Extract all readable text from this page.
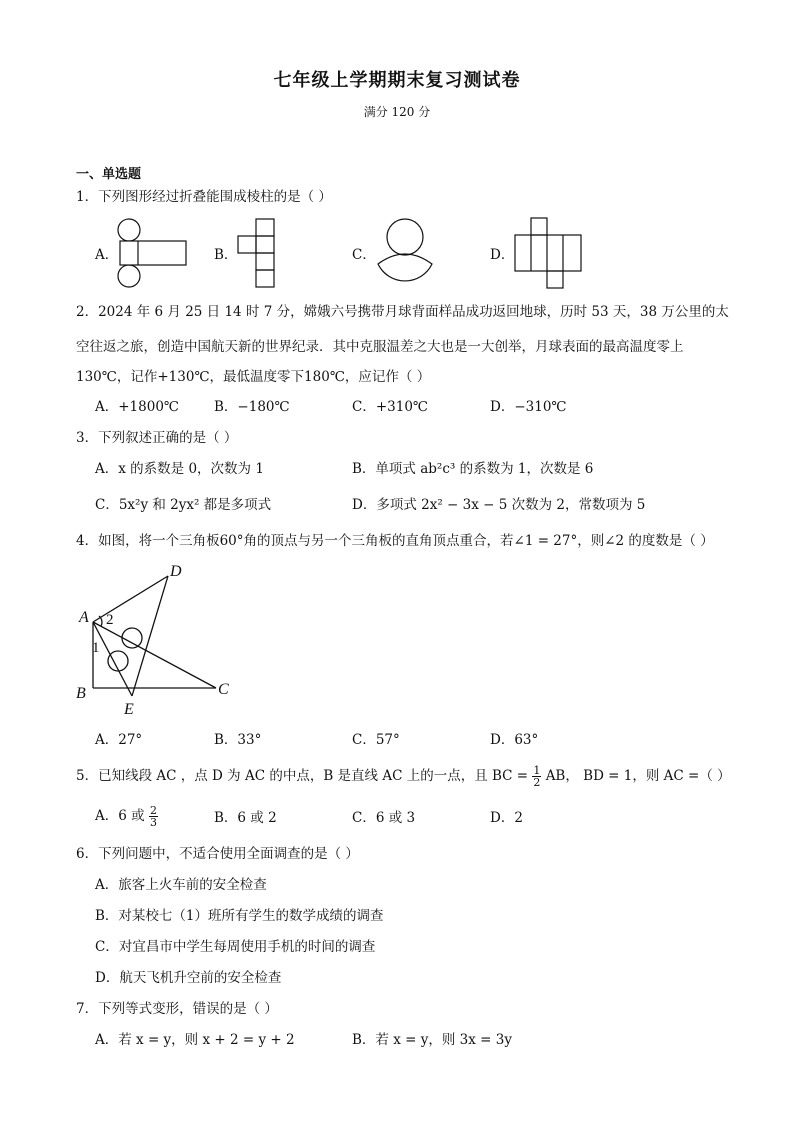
七年级上学期期末复习测试卷
满分 120 分
一、单选题
1．下列图形经过折叠能围成棱柱的是（ ）
A．	B．	C．	D．
2．2024 年 6 月 25 日 14 时 7 分，嫦娥六号携带月球背面样品成功返回地球，历时 53 天，38 万公里的太
空往返之旅，创造中国航天新的世界纪录．其中克服温差之大也是一大创举，月球表面的最高温度零上
130℃，记作+130℃，最低温度零下180℃，应记作（ ）
A．+1800℃	B．−180℃	C．+310℃	D．−310℃
3．下列叙述正确的是（ ）
A．x 的系数是 0，次数为 1	B．单项式 ab²c³ 的系数为 1，次数是 6
C．5x²y 和 2yx² 都是多项式	D．多项式 2x² − 3x − 5 次数为 2，常数项为 5
4．如图，将一个三角板60°角的顶点与另一个三角板的直角顶点重合，若∠1 = 27°，则∠2 的度数是（ ）
A
B	C
D
E
2
1
A．27°	B．33°	C．57°	D．63°
5．已知线段 AC ，点 D 为 AC 的中点，B 是直线 AC 上的一点，且 BC = $\frac{1}{2}$ AB， BD = 1，则 AC =（ ）
A．6 或 $\frac{2}{3}$	B．6 或 2	C．6 或 3	D．2
6．下列问题中，不适合使用全面调查的是（ ）
A．旅客上火车前的安全检查
B．对某校七（1）班所有学生的数学成绩的调查
C．对宜昌市中学生每周使用手机的时间的调查
D．航天飞机升空前的安全检查
7．下列等式变形，错误的是（ ）
A．若 x = y，则 x + 2 = y + 2	B．若 x = y，则 3x = 3y
